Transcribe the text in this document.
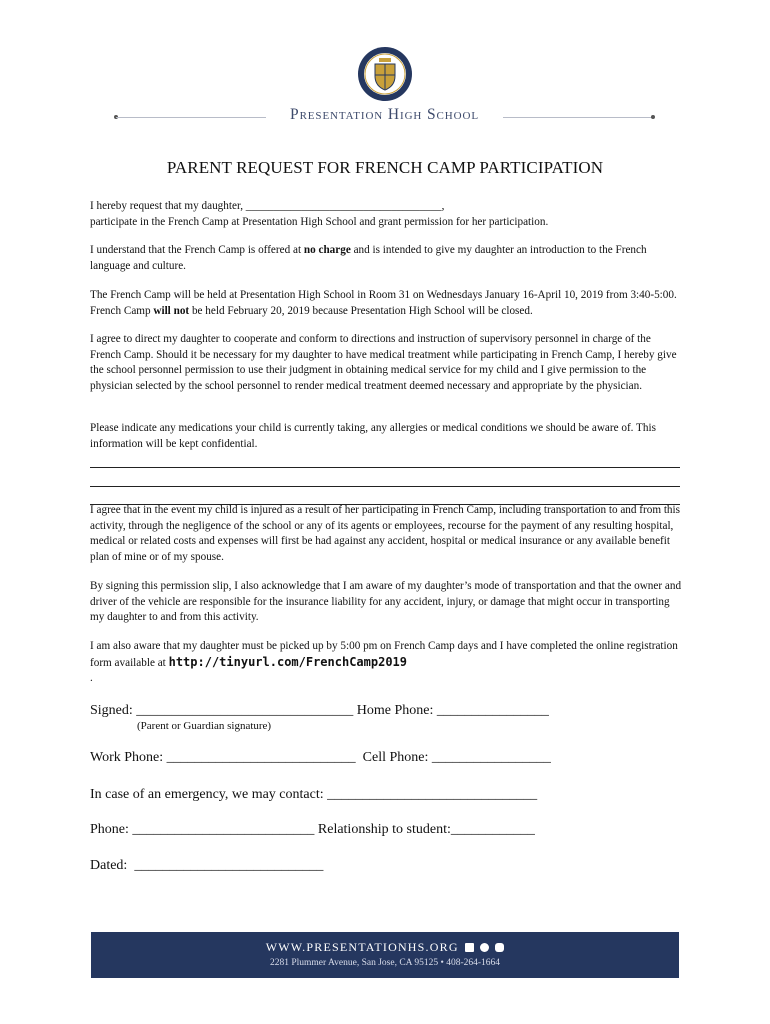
Presentation High School
PARENT REQUEST FOR FRENCH CAMP PARTICIPATION
I hereby request that my daughter, ___________________________________,
participate in the French Camp at Presentation High School and grant permission for her participation.
I understand that the French Camp is offered at no charge and is intended to give my daughter an introduction to the French language and culture.
The French Camp will be held at Presentation High School in Room 31 on Wednesdays January 16-April 10, 2019 from 3:40-5:00. French Camp will not be held February 20, 2019 because Presentation High School will be closed.
I agree to direct my daughter to cooperate and conform to directions and instruction of supervisory personnel in charge of the French Camp. Should it be necessary for my daughter to have medical treatment while participating in French Camp, I hereby give the school personnel permission to use their judgment in obtaining medical service for my child and I give permission to the physician selected by the school personnel to render medical treatment deemed necessary and appropriate by the physician.
Please indicate any medications your child is currently taking, any allergies or medical conditions we should be aware of. This information will be kept confidential.
I agree that in the event my child is injured as a result of her participating in French Camp, including transportation to and from this activity, through the negligence of the school or any of its agents or employees, recourse for the payment of any resulting hospital, medical or related costs and expenses will first be had against any accident, hospital or medical insurance or any available benefit plan of mine or of my spouse.
By signing this permission slip, I also acknowledge that I am aware of my daughter’s mode of transportation and that the owner and driver of the vehicle are responsible for the insurance liability for any accident, injury, or damage that might occur in transporting my daughter to and from this activity.
I am also aware that my daughter must be picked up by 5:00 pm on French Camp days and I have completed the online registration form available at http://tinyurl.com/FrenchCamp2019
.
Signed: _______________________________ Home Phone: ________________
(Parent or Guardian signature)
Work Phone: ___________________________  Cell Phone: _________________
In case of an emergency, we may contact: ______________________________
Phone: __________________________ Relationship to student:____________
Dated:  ___________________________
WWW.PRESENTATIONHS.ORG
2281 Plummer Avenue, San Jose, CA 95125 • 408-264-1664
